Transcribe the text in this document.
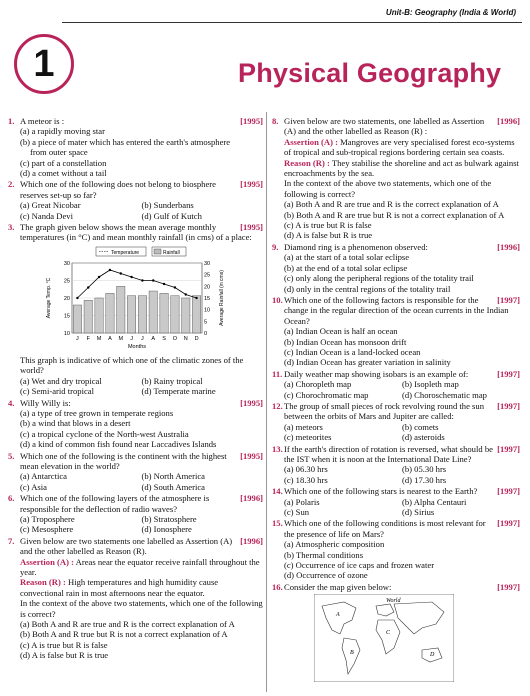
Unit-B: Geography (India & World)
1	Physical Geography
1.	[1995]
A meteor is :
(a) a rapidly moving star
(b) a piece of mater which has entered the earth's atmosphere
from outer space
(c) part of a constellation
(d) a comet without a tail
2.	[1995]
Which one of the following does not belong to biosphere reserves set-up so far?
(a) Great Nicobar	(b) Sunderbans
(c) Nanda Devi	(d) Gulf of Kutch
3.	[1995]
The graph given below shows the mean average monthly temperatures (in °C) and mean monthly rainfall (in cms) of a place:
Temperature	Rainfall
10
15
20
25
30
0
5
10
15
20
25
30
J F M A M J J A S O N D
Months
Average Temp. °C	Average Rainfall (in cms)
This graph is indicative of which one of the climatic zones of the world?
(a) Wet and dry tropical	(b) Rainy tropical
(c) Semi-arid tropical	(d) Temperate marine
4.	[1995]
Willy Willy is:
(a) a type of tree grown in temperate regions
(b) a wind that blows in a desert
(c) a tropical cyclone of the North-west Australia
(d) a kind of common fish found near Laccadives Islands
5.	[1995]
Which one of the following is the continent with the highest mean elevation in the world?
(a) Antarctica	(b) North America
(c) Asia	(d) South America
6.	[1996]
Which one of the following layers of the atmosphere is responsible for the deflection of radio waves?
(a) Troposphere	(b) Stratosphere
(c) Mesosphere	(d) Ionosphere
7.	[1996]
Given below are two statements one labelled as Assertion (A) and the other labelled as Reason (R).
Assertion (A) : Areas near the equator receive rainfall throughout the year.
Reason (R) : High temperatures and high humidity cause convectional rain in most afternoons near the equator.
In the context of the above two statements, which one of the following is correct?
(a) Both A and R are true and R is the correct explanation of A
(b) Both A and R true but R is not a correct explanation of A
(c) A is true but R is false
(d) A is false but R is true
8.	[1996]
Given below are two statements, one labelled as Assertion (A) and the other labelled as Reason (R) :
Assertion (A) : Mangroves are very specialised forest eco-systems of tropical and sub-tropical regions bordering certain sea coasts.
Reason (R) : They stabilise the shoreline and act as bulwark against encroachments by the sea.
In the context of the above two statements, which one of the following is correct?
(a) Both A and R are true and R is the correct explanation of A
(b) Both A and R are true but R is not a correct explanation of A
(c) A is true but R is false
(d) A is false but R is true
9.	[1996]
Diamond ring is a phenomenon observed:
(a) at the start of a total solar eclipse
(b) at the end of a total solar eclipse
(c) only along the peripheral regions of the totality trail
(d) only in the central regions of the totality trail
10.	[1997]
Which one of the following factors is responsible for the change in the regular direction of the ocean currents in the Indian Ocean?
(a) Indian Ocean is half an ocean
(b) Indian Ocean has monsoon drift
(c) Indian Ocean is a land-locked ocean
(d) Indian Ocean has greater variation in salinity
11.	[1997]
Daily weather map showing isobars is an example of:
(a) Choropleth map	(b) Isopleth map
(c) Chorochromatic map	(d) Choroschematic map
12.	[1997]
The group of small pieces of rock revolving round the sun between the orbits of Mars and Jupiter are called:
(a) meteors	(b) comets
(c) meteorites	(d) asteroids
13.	[1997]
If the earth's direction of rotation is reversed, what should be the IST when it is noon at the International Date Line?
(a) 06.30 hrs	(b) 05.30 hrs
(c) 18.30 hrs	(d) 17.30 hrs
14.	[1997]
Which one of the following stars is nearest to the Earth?
(a) Polaris	(b) Alpha Centauri
(c) Sun	(d) Sirius
15.	[1997]
Which one of the following conditions is most relevant for the presence of life on Mars?
(a) Atmospheric composition
(b) Thermal conditions
(c) Occurrence of ice caps and frozen water
(d) Occurrence of ozone
16.	[1997]
Consider the map given below:
A
B
C
D
World
